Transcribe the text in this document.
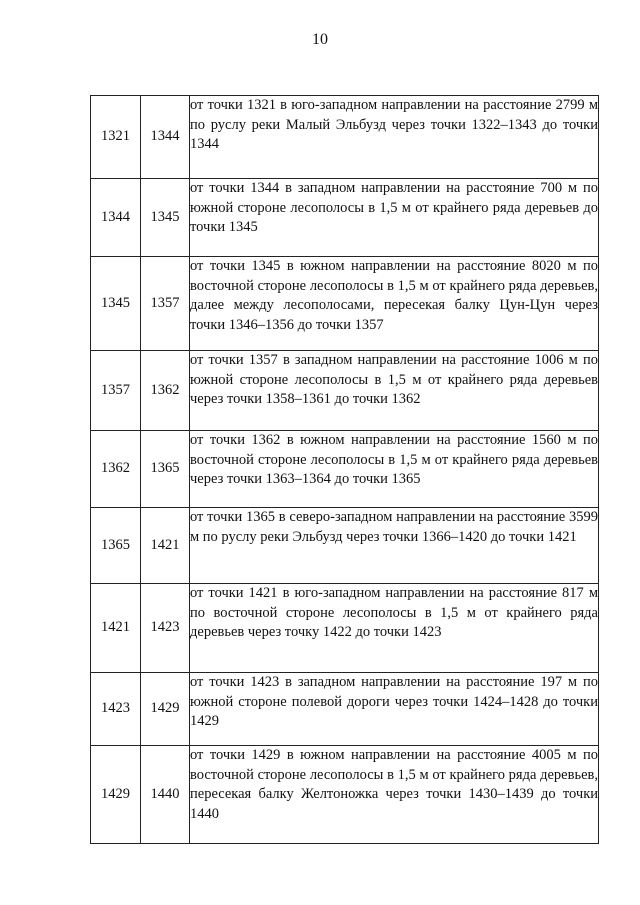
10
1321	1344	от точки 1321 в юго-западном направлении на расстояние 2799 м по руслу реки Малый Эльбузд через точки 1322–1343 до точки 1344

1344	1345	от точки 1344 в западном направлении на расстояние 700 м по южной стороне лесополосы в 1,5 м от крайнего ряда деревьев до точки 1345

1345	1357	от точки 1345 в южном направлении на расстояние 8020 м по восточной стороне лесополосы в 1,5 м от крайнего ряда деревьев, далее между лесополосами, пересекая балку Цун-Цун через точки 1346–1356 до точки 1357

1357	1362	от точки 1357 в западном направлении на расстояние 1006 м по южной стороне лесополосы в 1,5 м от крайнего ряда деревьев через точки 1358–1361 до точки 1362

1362	1365	от точки 1362 в южном направлении на расстояние 1560 м по восточной стороне лесополосы в 1,5 м от крайнего ряда деревьев через точки 1363–1364 до точки 1365

1365	1421	от точки 1365 в северо-западном направлении на расстояние 3599 м по руслу реки Эльбузд через точки 1366–1420 до точки 1421

1421	1423	от точки 1421 в юго-западном направлении на расстояние 817 м по восточной стороне лесополосы в 1,5 м от крайнего ряда деревьев через точку 1422 до точки 1423

1423	1429	от точки 1423 в западном направлении на расстояние 197 м по южной стороне полевой дороги через точки 1424–1428 до точки 1429

1429	1440	от точки 1429 в южном направлении на расстояние 4005 м по восточной стороне лесополосы в 1,5 м от крайнего ряда деревьев, пересекая балку Желтоножка через точки 1430–1439 до точки 1440
